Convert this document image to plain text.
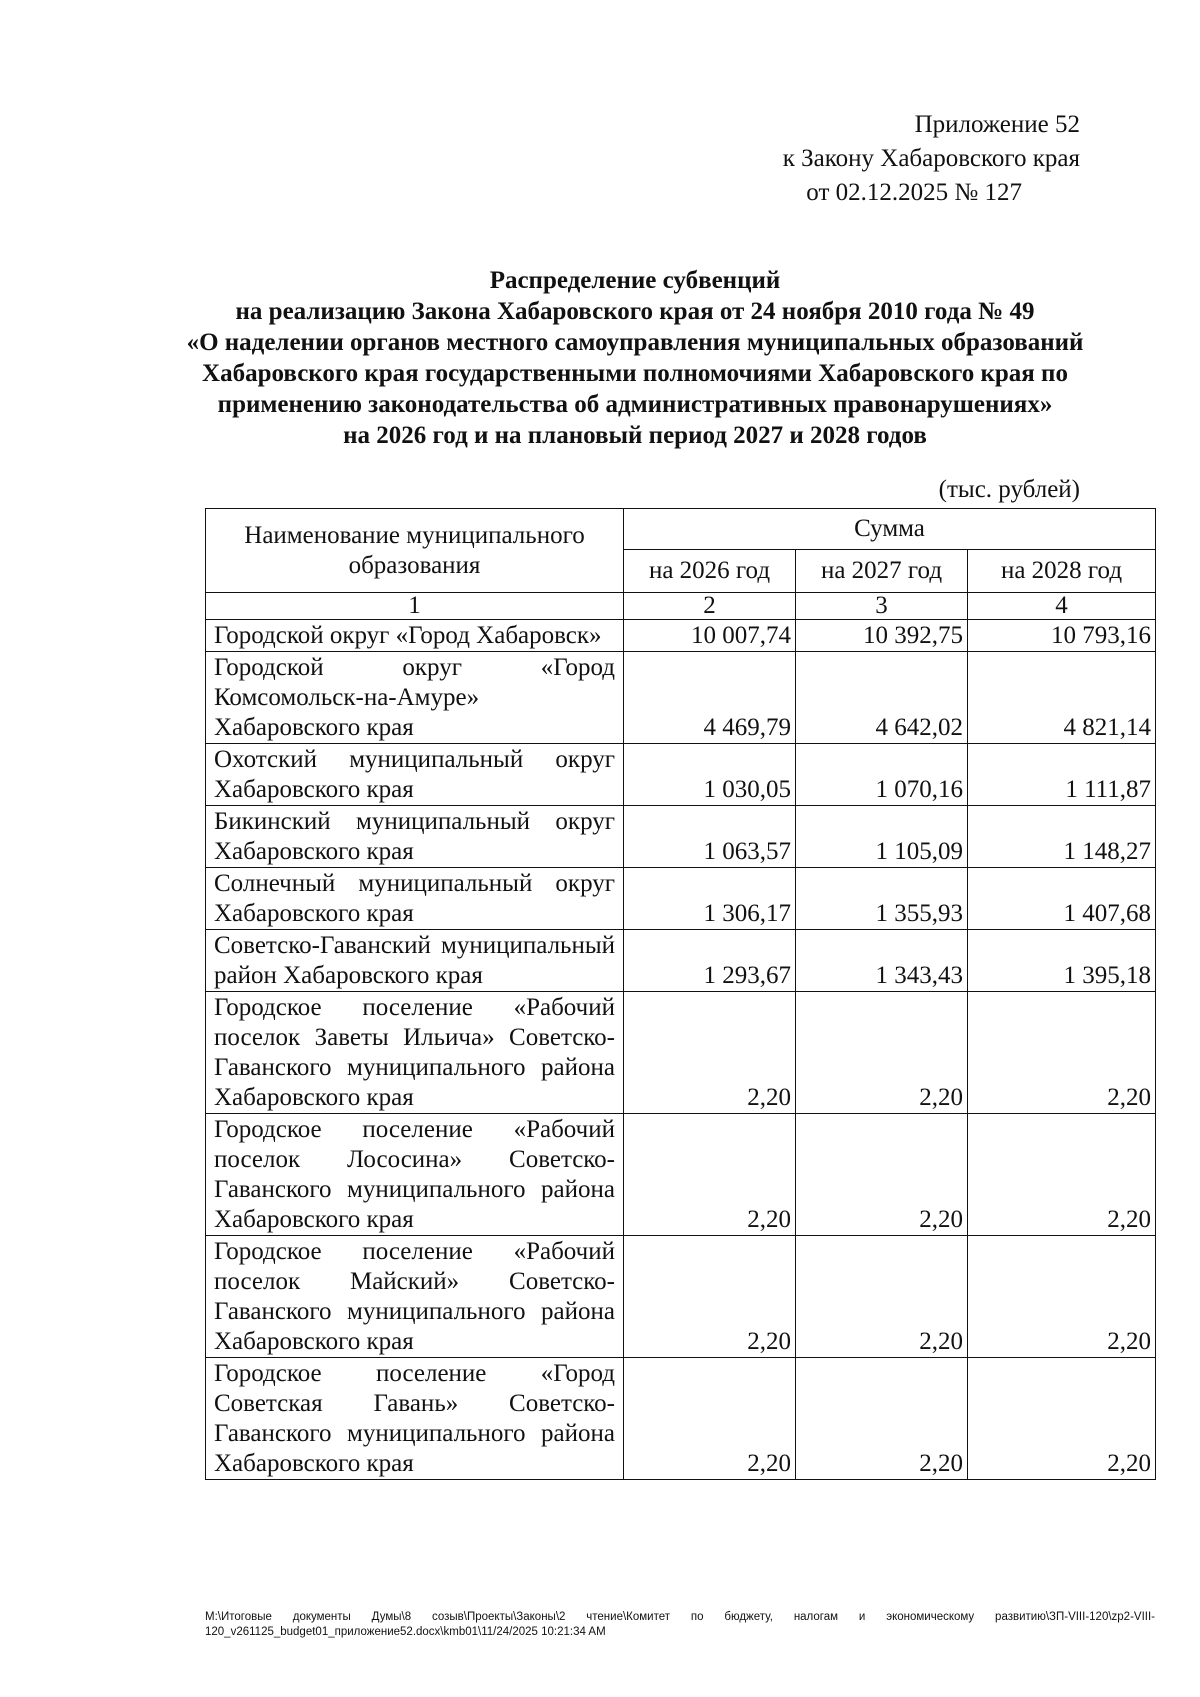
Приложение 52
к Закону Хабаровского края
от 02.12.2025 № 127
Распределение субвенций
на реализацию Закона Хабаровского края от 24 ноября 2010 года № 49
«О наделении органов местного самоуправления муниципальных образований
Хабаровского края государственными полномочиями Хабаровского края по
применению законодательства об административных правонарушениях»
на 2026 год и на плановый период 2027 и 2028 годов
(тыс. рублей)
Наименование муниципального образования	Сумма		
	на 2026 год	на 2027 год	на 2028 год
1	2	3	4
Городской округ «Город Хабаровск»	10 007,74	10 392,75	10 793,16
Городской округ «Город Комсомольск-на-Амуре» Хабаровского края	4 469,79	4 642,02	4 821,14
Охотский муниципальный округ Хабаровского края	1 030,05	1 070,16	1 111,87
Бикинский муниципальный округ Хабаровского края	1 063,57	1 105,09	1 148,27
Солнечный муниципальный округ Хабаровского края	1 306,17	1 355,93	1 407,68
Советско-Гаванский муниципальный район Хабаровского края	1 293,67	1 343,43	1 395,18
Городское поселение «Рабочий поселок Заветы Ильича» Советско-Гаванского муниципального района Хабаровского края	2,20	2,20	2,20
Городское поселение «Рабочий поселок Лососина» Советско-Гаванского муниципального района Хабаровского края	2,20	2,20	2,20
Городское поселение «Рабочий поселок Майский» Советско-Гаванского муниципального района Хабаровского края	2,20	2,20	2,20
Городское поселение «Город Советская Гавань» Советско-Гаванского муниципального района Хабаровского края	2,20	2,20	2,20
M:\Итоговые документы Думы\8 созыв\Проекты\Законы\2 чтение\Комитет по бюджету, налогам и экономическому развитию\ЗП-VIII-120\zp2-VIII-120_v261125_budget01_приложение52.docx\kmb01\11/24/2025 10:21:34 AM
